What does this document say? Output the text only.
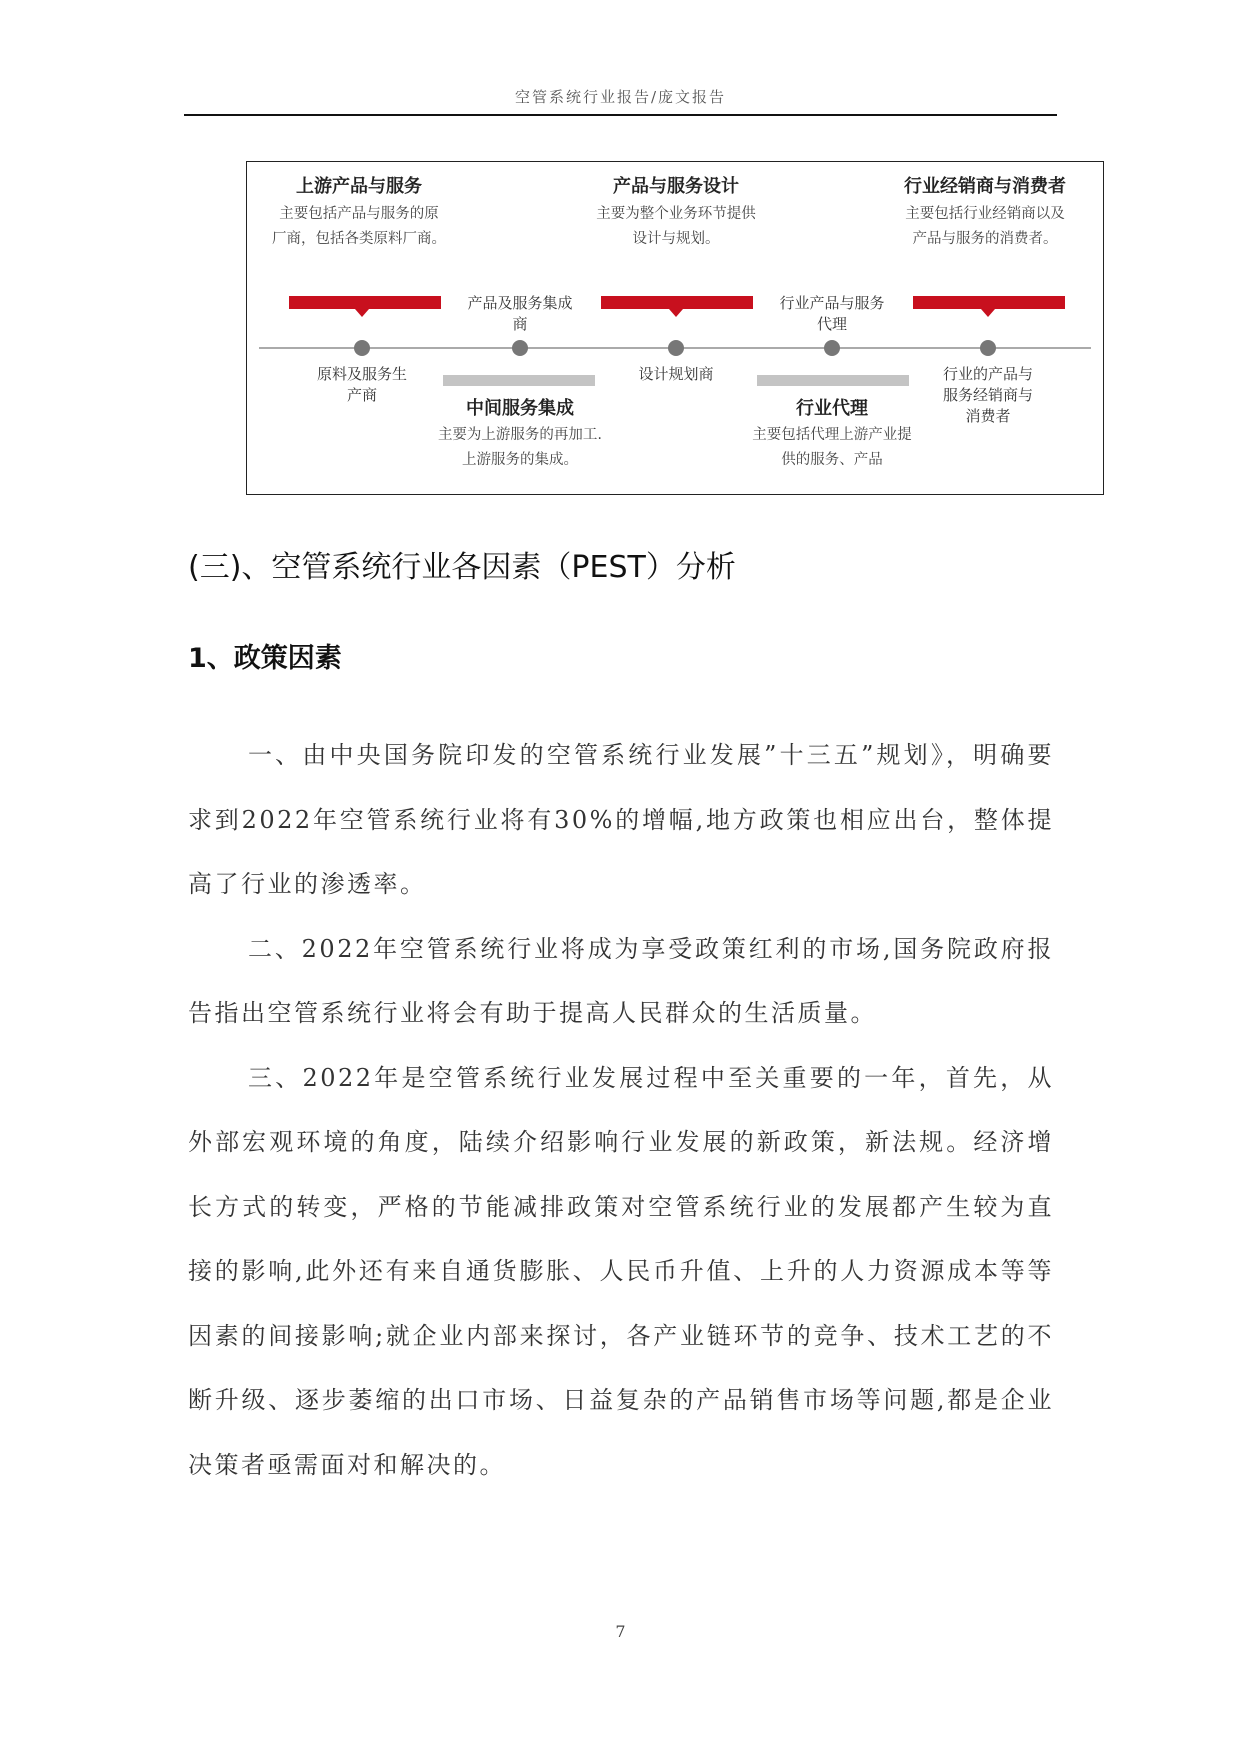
空管系统行业报告/庞文报告
上游产品与服务
主要包括产品与服务的原
厂商，包括各类原料厂商。
产品与服务设计
主要为整个业务环节提供
设计与规划。
行业经销商与消费者
主要包括行业经销商以及
产品与服务的消费者。
产品及服务集成
商
行业产品与服务
代理
原料及服务生
产商
设计规划商	行业的产品与
服务经销商与
消费者
中间服务集成
主要为上游服务的再加工.
上游服务的集成。
行业代理
主要包括代理上游产业提
供的服务、产品
(三)、空管系统行业各因素（PEST）分析
1、政策因素

一、由中央国务院印发的空管系统行业发展”十三五”规划》，明确要求到2022年空管系统行业将有30%的增幅,地方政策也相应出台，整体提高了行业的渗透率。

二、2022年空管系统行业将成为享受政策红利的市场,国务院政府报告指出空管系统行业将会有助于提高人民群众的生活质量。

三、2022年是空管系统行业发展过程中至关重要的一年，首先，从外部宏观环境的角度，陆续介绍影响行业发展的新政策，新法规。经济增长方式的转变，严格的节能减排政策对空管系统行业的发展都产生较为直接的影响,此外还有来自通货膨胀、人民币升值、上升的人力资源成本等等因素的间接影响;就企业内部来探讨，各产业链环节的竞争、技术工艺的不断升级、逐步萎缩的出口市场、日益复杂的产品销售市场等问题,都是企业决策者亟需面对和解决的。

7
